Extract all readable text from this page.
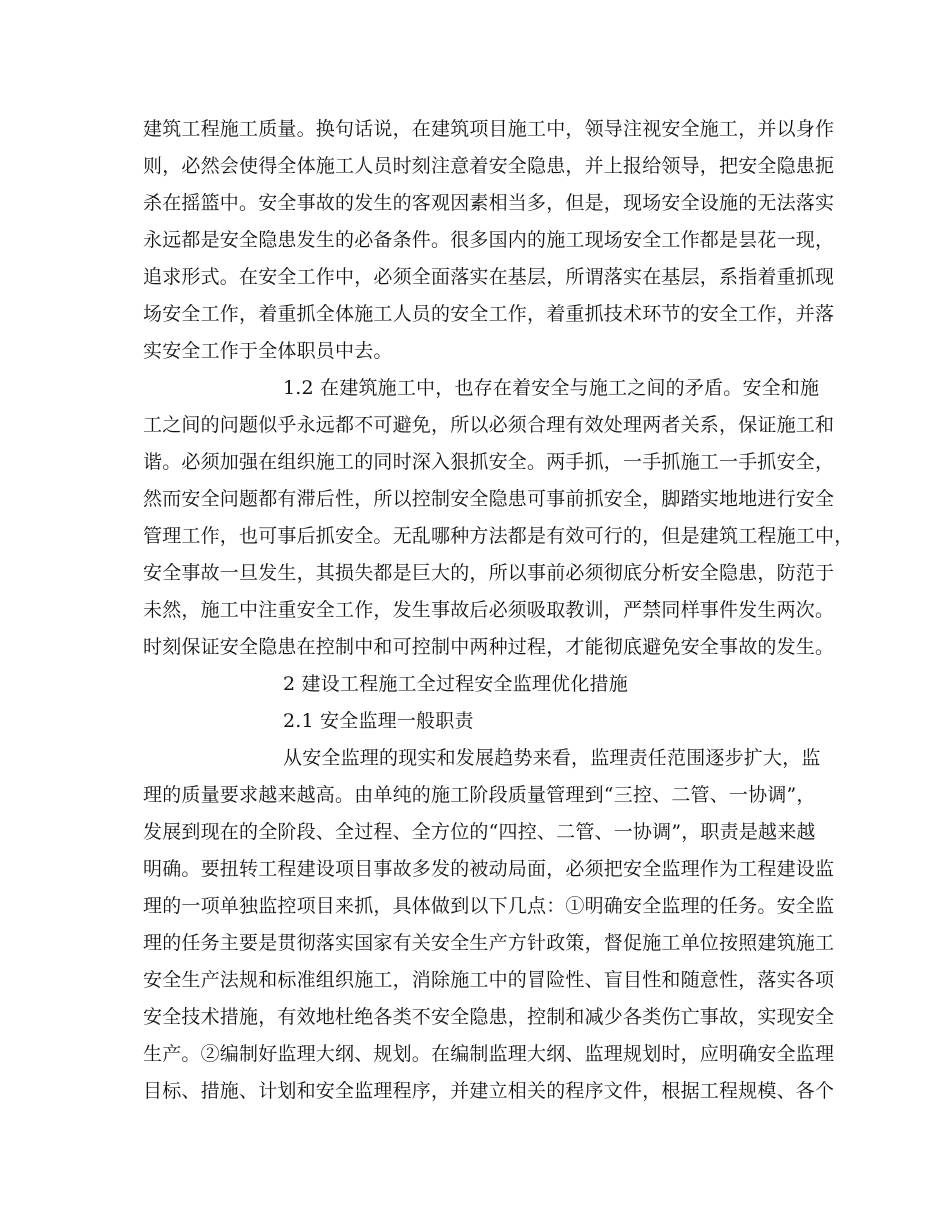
建筑工程施工质量。换句话说，在建筑项目施工中，领导注视安全施工，并以身作
则，必然会使得全体施工人员时刻注意着安全隐患，并上报给领导，把安全隐患扼
杀在摇篮中。安全事故的发生的客观因素相当多，但是，现场安全设施的无法落实
永远都是安全隐患发生的必备条件。很多国内的施工现场安全工作都是昙花一现，
追求形式。在安全工作中，必须全面落实在基层，所谓落实在基层，系指着重抓现
场安全工作，着重抓全体施工人员的安全工作，着重抓技术环节的安全工作，并落
实安全工作于全体职员中去。
1.2 在建筑施工中，也存在着安全与施工之间的矛盾。安全和施
工之间的问题似乎永远都不可避免，所以必须合理有效处理两者关系，保证施工和
谐。必须加强在组织施工的同时深入狠抓安全。两手抓，一手抓施工一手抓安全，
然而安全问题都有滞后性，所以控制安全隐患可事前抓安全，脚踏实地地进行安全
管理工作，也可事后抓安全。无乱哪种方法都是有效可行的，但是建筑工程施工中，
安全事故一旦发生，其损失都是巨大的，所以事前必须彻底分析安全隐患，防范于
未然，施工中注重安全工作，发生事故后必须吸取教训，严禁同样事件发生两次。
时刻保证安全隐患在控制中和可控制中两种过程，才能彻底避免安全事故的发生。
2 建设工程施工全过程安全监理优化措施
2.1 安全监理一般职责
从安全监理的现实和发展趋势来看，监理责任范围逐步扩大，监
理的质量要求越来越高。由单纯的施工阶段质量管理到“三控、二管、一协调”，
发展到现在的全阶段、全过程、全方位的“四控、二管、一协调”，职责是越来越
明确。要扭转工程建设项目事故多发的被动局面，必须把安全监理作为工程建设监
理的一项单独监控项目来抓，具体做到以下几点：①明确安全监理的任务。安全监
理的任务主要是贯彻落实国家有关安全生产方针政策，督促施工单位按照建筑施工
安全生产法规和标准组织施工，消除施工中的冒险性、盲目性和随意性，落实各项
安全技术措施，有效地杜绝各类不安全隐患，控制和减少各类伤亡事故，实现安全
生产。②编制好监理大纲、规划。在编制监理大纲、监理规划时，应明确安全监理
目标、措施、计划和安全监理程序，并建立相关的程序文件，根据工程规模、各个
